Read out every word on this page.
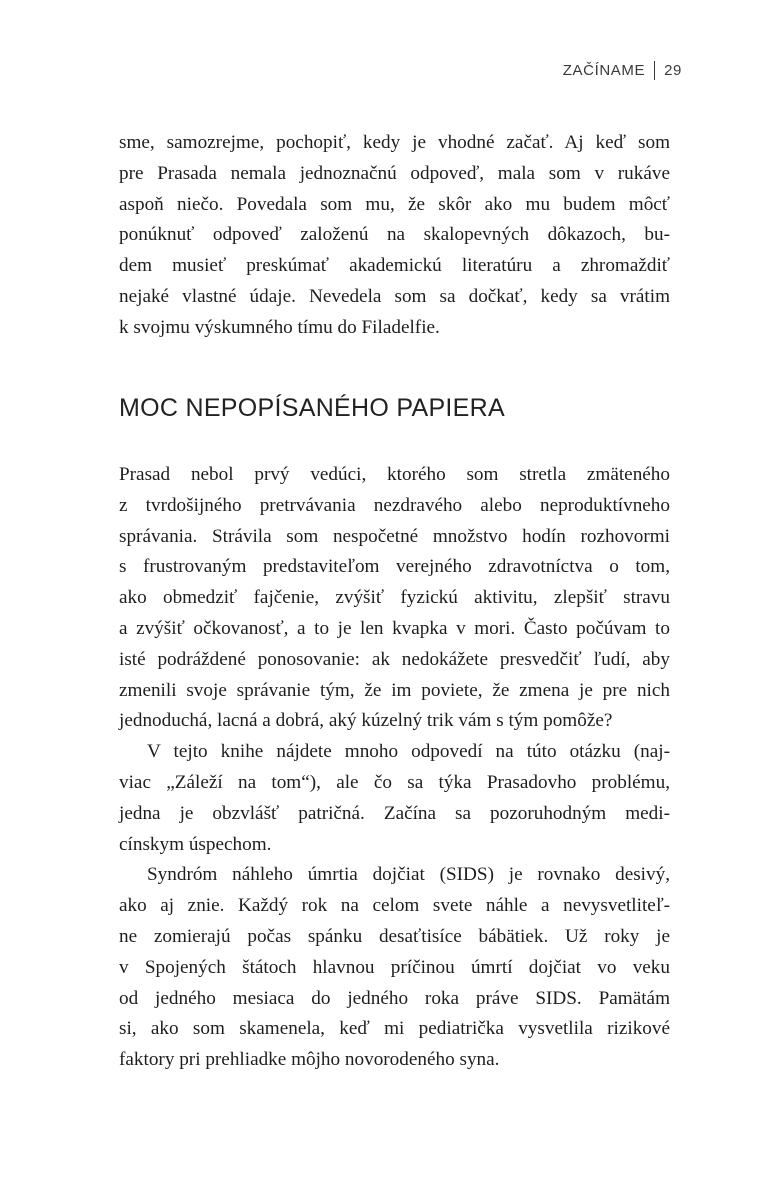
ZAČÍNAME 29
sme, samozrejme, pochopiť, kedy je vhodné začať. Aj keď som
pre Prasada nemala jednoznačnú odpoveď, mala som v rukáve
aspoň niečo. Povedala som mu, že skôr ako mu budem môcť
ponúknuť odpoveď založenú na skalopevných dôkazoch, bu-
dem musieť preskúmať akademickú literatúru a zhromaždiť
nejaké vlastné údaje. Nevedela som sa dočkať, kedy sa vrátim
k svojmu výskumného tímu do Filadelfie.
MOC NEPOPÍSANÉHO PAPIERA
Prasad nebol prvý vedúci, ktorého som stretla zmäteného
z tvrdošijného pretrvávania nezdravého alebo neproduktívneho
správania. Strávila som nespočetné množstvo hodín rozhovormi
s frustrovaným predstaviteľom verejného zdravotníctva o tom,
ako obmedziť fajčenie, zvýšiť fyzickú aktivitu, zlepšiť stravu
a zvýšiť očkovanosť, a to je len kvapka v mori. Často počúvam to
isté podráždené ponosovanie: ak nedokážete presvedčiť ľudí, aby
zmenili svoje správanie tým, že im poviete, že zmena je pre nich
jednoduchá, lacná a dobrá, aký kúzelný trik vám s tým pomôže?
V tejto knihe nájdete mnoho odpovedí na túto otázku (naj-
viac „Záleží na tom“), ale čo sa týka Prasadovho problému,
jedna je obzvlášť patričná. Začína sa pozoruhodným medi-
cínskym úspechom.
Syndróm náhleho úmrtia dojčiat (SIDS) je rovnako desivý,
ako aj znie. Každý rok na celom svete náhle a nevysvetliteľ-
ne zomierajú počas spánku desaťtisíce bábätiek. Už roky je
v Spojených štátoch hlavnou príčinou úmrtí dojčiat vo veku
od jedného mesiaca do jedného roka práve SIDS. Pamätám
si, ako som skamenela, keď mi pediatrička vysvetlila rizikové
faktory pri prehliadke môjho novorodeného syna.
